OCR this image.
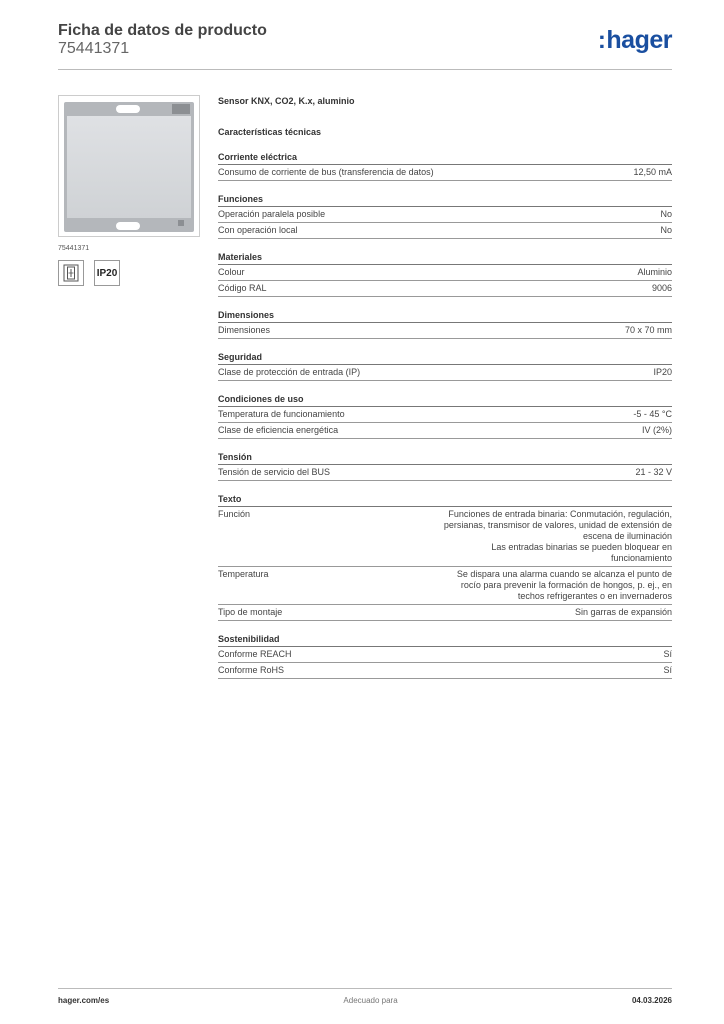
Ficha de datos de producto
75441371	:hager
75441371
IP20
Sensor KNX, CO2, K.x, aluminio
Características técnicas
Corriente eléctrica
Consumo de corriente de bus (transferencia de datos)	12,50 mA
Funciones
Operación paralela posible	No
Con operación local	No
Materiales
Colour	Aluminio
Código RAL	9006
Dimensiones
Dimensiones	70 x 70 mm
Seguridad
Clase de protección de entrada (IP)	IP20
Condiciones de uso
Temperatura de funcionamiento	-5 - 45 °C
Clase de eficiencia energética	IV (2%)
Tensión
Tensión de servicio del BUS	21 - 32 V
Texto
Función	Funciones de entrada binaria: Conmutación, regulación, persianas, transmisor de valores, unidad de extensión de escena de iluminación
Las entradas binarias se pueden bloquear en funcionamiento
Temperatura	Se dispara una alarma cuando se alcanza el punto de rocío para prevenir la formación de hongos, p. ej., en techos refrigerantes o en invernaderos
Tipo de montaje	Sin garras de expansión
Sostenibilidad
Conforme REACH	Sí
Conforme RoHS	Sí
hager.com/es	Adecuado para	04.03.2026
